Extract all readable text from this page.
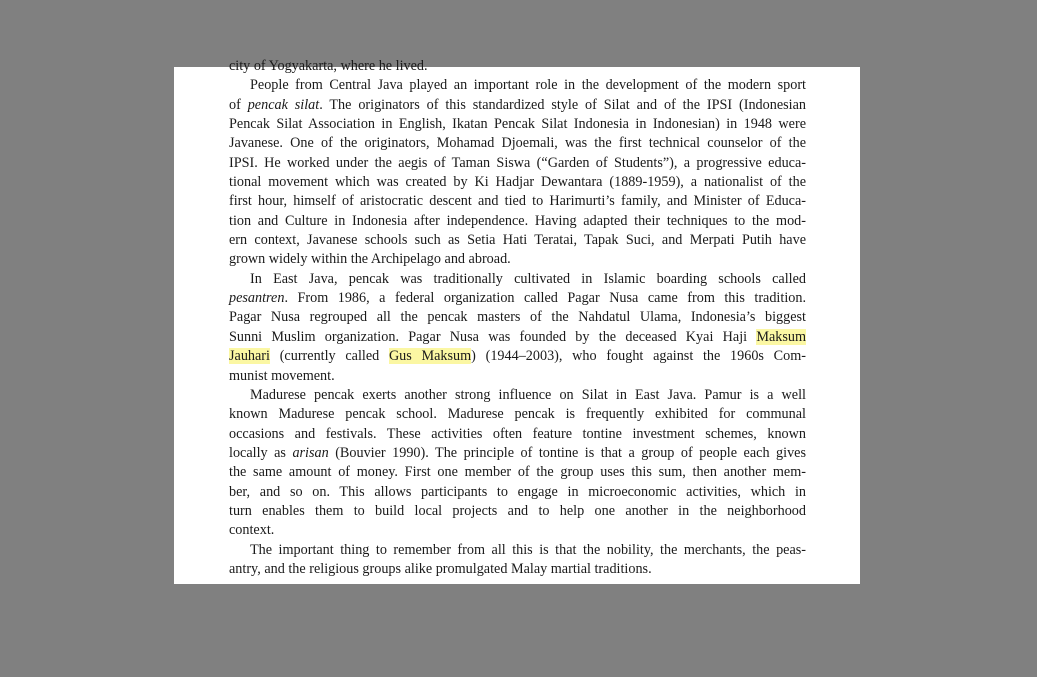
city of Yogyakarta, where he lived.
People from Central Java played an important role in the development of the modern sport
of pencak silat. The originators of this standardized style of Silat and of the IPSI (Indonesian
Pencak Silat Association in English, Ikatan Pencak Silat Indonesia in Indonesian) in 1948 were
Javanese. One of the originators, Mohamad Djoemali, was the first technical counselor of the
IPSI. He worked under the aegis of Taman Siswa (“Garden of Students”), a progressive educa-
tional movement which was created by Ki Hadjar Dewantara (1889-1959), a nationalist of the
first hour, himself of aristocratic descent and tied to Harimurti’s family, and Minister of Educa-
tion and Culture in Indonesia after independence. Having adapted their techniques to the mod-
ern context, Javanese schools such as Setia Hati Teratai, Tapak Suci, and Merpati Putih have
grown widely within the Archipelago and abroad.
In East Java, pencak was traditionally cultivated in Islamic boarding schools called
pesantren. From 1986, a federal organization called Pagar Nusa came from this tradition.
Pagar Nusa regrouped all the pencak masters of the Nahdatul Ulama, Indonesia’s biggest
Sunni Muslim organization. Pagar Nusa was founded by the deceased Kyai Haji Maksum
Jauhari (currently called Gus Maksum) (1944–2003), who fought against the 1960s Com-
munist movement.
Madurese pencak exerts another strong influence on Silat in East Java. Pamur is a well
known Madurese pencak school. Madurese pencak is frequently exhibited for communal
occasions and festivals. These activities often feature tontine investment schemes, known
locally as arisan (Bouvier 1990). The principle of tontine is that a group of people each gives
the same amount of money. First one member of the group uses this sum, then another mem-
ber, and so on. This allows participants to engage in microeconomic activities, which in
turn enables them to build local projects and to help one another in the neighborhood
context.
The important thing to remember from all this is that the nobility, the merchants, the peas-
antry, and the religious groups alike promulgated Malay martial traditions.
